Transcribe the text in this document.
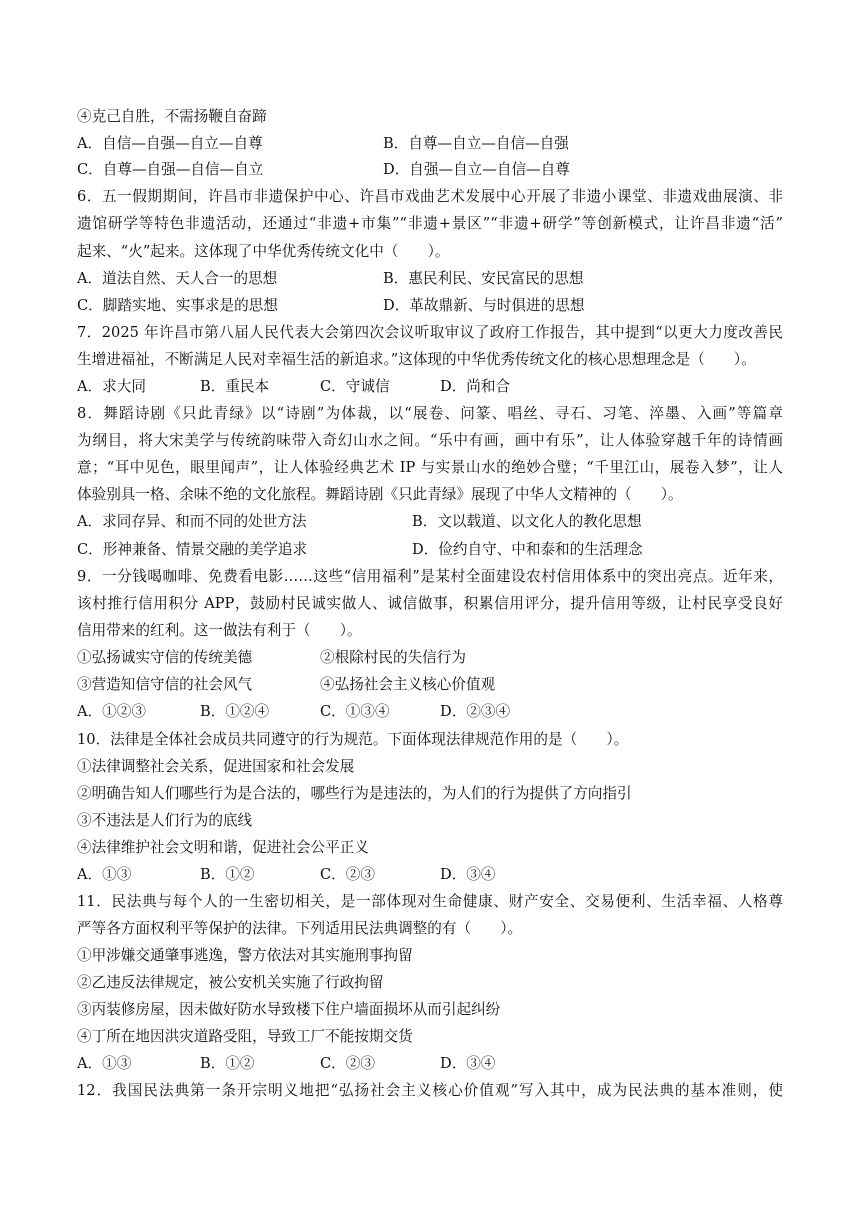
④克己自胜，不需扬鞭自奋蹄
A．自信—自强—自立—自尊	B．自尊—自立—自信—自强
C．自尊—自强—自信—自立	D．自强—自立—自信—自尊
6．五一假期期间，许昌市非遗保护中心、许昌市戏曲艺术发展中心开展了非遗小课堂、非遗戏曲展演、非
遗馆研学等特色非遗活动，还通过“非遗+市集”“非遗+景区”“非遗+研学”等创新模式，让许昌非遗“活”
起来、“火”起来。这体现了中华优秀传统文化中（　　）。
A．道法自然、天人合一的思想	B．惠民利民、安民富民的思想
C．脚踏实地、实事求是的思想	D．革故鼎新、与时俱进的思想
7．2025 年许昌市第八届人民代表大会第四次会议听取审议了政府工作报告，其中提到“以更大力度改善民
生增进福祉，不断满足人民对幸福生活的新追求。”这体现的中华优秀传统文化的核心思想理念是（　　）。
A．求大同	B．重民本	C．守诚信	D．尚和合
8．舞蹈诗剧《只此青绿》以“诗剧”为体裁，以“展卷、问篆、唱丝、寻石、习笔、淬墨、入画”等篇章
为纲目，将大宋美学与传统韵味带入奇幻山水之间。“乐中有画，画中有乐”，让人体验穿越千年的诗情画
意；“耳中见色，眼里闻声”，让人体验经典艺术 IP 与实景山水的绝妙合璧；“千里江山，展卷入梦”，让人
体验别具一格、余味不绝的文化旅程。舞蹈诗剧《只此青绿》展现了中华人文精神的（　　）。
A．求同存异、和而不同的处世方法	B．文以载道、以文化人的教化思想
C．形神兼备、情景交融的美学追求	D．俭约自守、中和泰和的生活理念
9．一分钱喝咖啡、免费看电影……这些“信用福利”是某村全面建设农村信用体系中的突出亮点。近年来，
该村推行信用积分 APP，鼓励村民诚实做人、诚信做事，积累信用评分，提升信用等级，让村民享受良好
信用带来的红利。这一做法有利于（　　）。
①弘扬诚实守信的传统美德	②根除村民的失信行为
③营造知信守信的社会风气	④弘扬社会主义核心价值观
A．①②③	B．①②④	C．①③④	D．②③④
10．法律是全体社会成员共同遵守的行为规范。下面体现法律规范作用的是（　　）。
①法律调整社会关系，促进国家和社会发展
②明确告知人们哪些行为是合法的，哪些行为是违法的，为人们的行为提供了方向指引
③不违法是人们行为的底线
④法律维护社会文明和谐，促进社会公平正义
A．①③	B．①②	C．②③	D．③④
11．民法典与每个人的一生密切相关，是一部体现对生命健康、财产安全、交易便利、生活幸福、人格尊
严等各方面权利平等保护的法律。下列适用民法典调整的有（　　）。
①甲涉嫌交通肇事逃逸，警方依法对其实施刑事拘留
②乙违反法律规定，被公安机关实施了行政拘留
③丙装修房屋，因未做好防水导致楼下住户墙面损坏从而引起纠纷
④丁所在地因洪灾道路受阻，导致工厂不能按期交货
A．①③	B．①②	C．②③	D．③④
12．我国民法典第一条开宗明义地把“弘扬社会主义核心价值观”写入其中，成为民法典的基本准则，使
